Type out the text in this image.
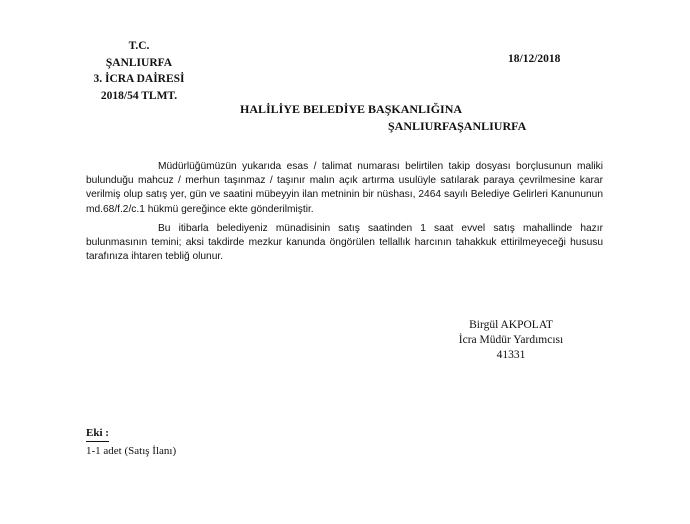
T.C.
ŞANLIURFA
3. İCRA DAİRESİ
2018/54 TLMT.
18/12/2018
HALİLİYE BELEDİYE BAŞKANLIĞINA
ŞANLIURFAŞANLIURFA

Müdürlüğümüzün yukarıda esas / talimat numarası belirtilen takip dosyası borçlusunun maliki bulunduğu mahcuz / merhun taşınmaz / taşınır malın açık artırma usulüyle satılarak paraya çevrilmesine karar verilmiş olup satış yer, gün ve saatini mübeyyin ilan metninin bir nüshası, 2464 sayılı Belediye Gelirleri Kanununun md.68/f.2/c.1 hükmü gereğince ekte gönderilmiştir.

Bu itibarla belediyeniz münadisinin satış saatinden 1 saat evvel satış mahallinde hazır bulunmasının temini; aksi takdirde mezkur kanunda öngörülen tellallık harcının tahakkuk ettirilmeyeceği hususu tarafınıza ihtaren tebliğ olunur.

Birgül AKPOLAT
İcra Müdür Yardımcısı
41331
Eki :
1-1 adet (Satış İlanı)
